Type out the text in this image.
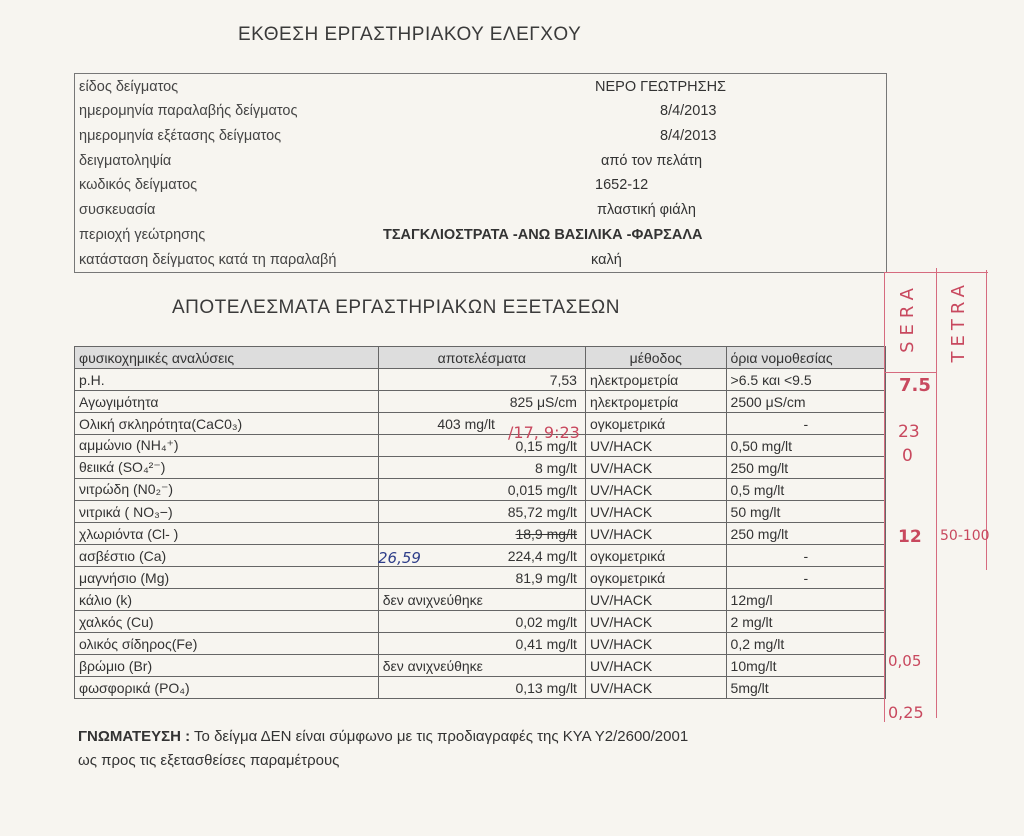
ΕΚΘΕΣΗ ΕΡΓΑΣΤΗΡΙΑΚΟΥ ΕΛΕΓΧΟΥ
είδος δείγματος	ΝΕΡΟ ΓΕΩΤΡΗΣΗΣ
ημερομηνία παραλαβής δείγματος	8/4/2013
ημερομηνία εξέτασης δείγματος	8/4/2013
δειγματοληψία	από τον πελάτη
κωδικός δείγματος	1652-12
συσκευασία	πλαστική φιάλη
περιοχή γεώτρησης	ΤΣΑΓΚΛΙΟΣΤΡΑΤΑ -ΑΝΩ ΒΑΣΙΛΙΚΑ -ΦΑΡΣΑΛΑ
κατάσταση δείγματος κατά τη παραλαβή	καλή
ΑΠΟΤΕΛΕΣΜΑΤΑ ΕΡΓΑΣΤΗΡΙΑΚΩΝ ΕΞΕΤΑΣΕΩΝ
φυσικοχημικές αναλύσεις	αποτελέσματα	μέθοδος	όρια νομοθεσίας
p.H.	7,53	ηλεκτρομετρία	>6.5 και <9.5
Αγωγιμότητα	825 μS/cm	ηλεκτρομετρία	2500 μS/cm
Ολική σκληρότητα(CaC0₃)	403 mg/lt	ογκομετρικά	-
αμμώνιο (NH₄⁺)	0,15 mg/lt	UV/HACK	0,50 mg/lt
θειικά (SO₄²⁻)	8 mg/lt	UV/HACK	250 mg/lt
νιτρώδη (N0₂⁻)	0,015 mg/lt	UV/HACK	0,5 mg/lt
νιτρικά ( NO₃−)	85,72 mg/lt	UV/HACK	50 mg/lt
χλωριόντα (Cl- )	18,9 mg/lt	UV/HACK	250 mg/lt
ασβέστιο (Ca)	224,4 mg/lt	ογκομετρικά	-
μαγνήσιο (Mg)	81,9 mg/lt	ογκομετρικά	-
κάλιο (k)	δεν ανιχνεύθηκε	UV/HACK	12mg/l
χαλκός (Cu)	0,02 mg/lt	UV/HACK	2 mg/lt
ολικός σίδηρος(Fe)	0,41 mg/lt	UV/HACK	0,2 mg/lt
βρώμιο (Br)	δεν ανιχνεύθηκε	UV/HACK	10mg/lt
φωσφορικά (PO₄)	0,13 mg/lt	UV/HACK	5mg/lt
ΓΝΩΜΑΤΕΥΣΗ : Το δείγμα ΔΕΝ είναι σύμφωνο με τις προδιαγραφές της ΚΥΑ Υ2/2600/2001
ως προς τις εξετασθείσες παραμέτρους
SERA TETRA
7.5
23
0
12 50-100
0,05
0,25
/17, 9:23
26,59
